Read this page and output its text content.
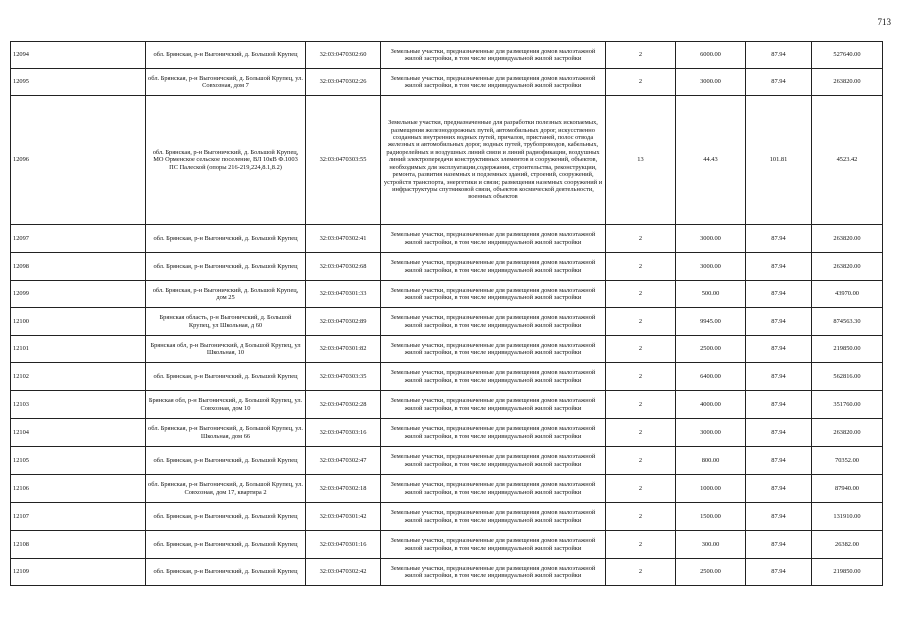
713
12094	обл. Брянская, р-н Выгоничский, д. Большой Крупец	32:03:0470302:60	Земельные участки, предназначенные для размещения домов малоэтажной жилой застройки, в том числе индивидуальной жилой застройки	2	6000.00	87.94	527640.00
12095	обл. Брянская, р-н Выгоничский, д. Большой Крупец, ул. Совхозная, дом 7	32:03:0470302:26	Земельные участки, предназначенные для размещения домов малоэтажной жилой застройки, в том числе индивидуальной жилой застройки	2	3000.00	87.94	263820.00
12096	обл. Брянская, р-н Выгоничский, д. Большой Крупец, МО Орменское сельское поселение, ВЛ 10кВ Ф.1003 ПС Палеской (опоры 216-219,224,8.1,8.2)	32:03:0470303:55	Земельные участки, предназначенные для разработки полезных ископаемых, размещения железнодорожных путей, автомобильных дорог, искусственно созданных внутренних водных путей, причалов, пристаней, полос отвода железных и автомобильных дорог, водных путей, трубопроводов, кабельных, радиорелейных и воздушных линий связи и линий радиофикации, воздушных линий электропередачи конструктивных элементов и сооружений, объектов, необходимых для эксплуатации,содержания, строительства, реконструкции, ремонта, развития наземных и подземных зданий, строений, сооружений, устройств транспорта, энергетики и связи; размещения наземных сооружений и инфраструктуры спутниковой связи, объектов космической деятельности, военных объектов	13	44.43	101.81	4523.42
12097	обл. Брянская, р-н Выгоничский, д. Большой Крупец	32:03:0470302:41	Земельные участки, предназначенные для размещения домов малоэтажной жилой застройки, в том числе индивидуальной жилой застройки	2	3000.00	87.94	263820.00
12098	обл. Брянская, р-н Выгоничский, д. Большой Крупец	32:03:0470302:68	Земельные участки, предназначенные для размещения домов малоэтажной жилой застройки, в том числе индивидуальной жилой застройки	2	3000.00	87.94	263820.00
12099	обл. Брянская, р-н Выгоничский, д. Большой Крупец, дом 25	32:03:0470301:33	Земельные участки, предназначенные для размещения домов малоэтажной жилой застройки, в том числе индивидуальной жилой застройки	2	500.00	87.94	43970.00
12100	Брянская область, р-н Выгоничский, д. Большой Крупец, ул Школьная, д 60	32:03:0470302:89	Земельные участки, предназначенные для размещения домов малоэтажной жилой застройки, в том числе индивидуальной жилой застройки	2	9945.00	87.94	874563.30
12101	Брянская обл, р-н Выгоничский, д Большой Крупец, ул Школьная, 10	32:03:0470301:82	Земельные участки, предназначенные для размещения домов малоэтажной жилой застройки, в том числе индивидуальной жилой застройки	2	2500.00	87.94	219850.00
12102	обл. Брянская, р-н Выгоничский, д. Большой Крупец	32:03:0470303:35	Земельные участки, предназначенные для размещения домов малоэтажной жилой застройки, в том числе индивидуальной жилой застройки	2	6400.00	87.94	562816.00
12103	Брянская обл, р-н Выгоничский, д. Большой Крупец, ул. Совхозная, дом 10	32:03:0470302:28	Земельные участки, предназначенные для размещения домов малоэтажной жилой застройки, в том числе индивидуальной жилой застройки	2	4000.00	87.94	351760.00
12104	обл. Брянская, р-н Выгоничский, д. Большой Крупец, ул. Школьная, дом 66	32:03:0470303:16	Земельные участки, предназначенные для размещения домов малоэтажной жилой застройки, в том числе индивидуальной жилой застройки	2	3000.00	87.94	263820.00
12105	обл. Брянская, р-н Выгоничский, д. Большой Крупец	32:03:0470302:47	Земельные участки, предназначенные для размещения домов малоэтажной жилой застройки, в том числе индивидуальной жилой застройки	2	800.00	87.94	70352.00
12106	обл. Брянская, р-н Выгоничский, д. Большой Крупец, ул. Совхозная, дом 17, квартира 2	32:03:0470302:18	Земельные участки, предназначенные для размещения домов малоэтажной жилой застройки, в том числе индивидуальной жилой застройки	2	1000.00	87.94	87940.00
12107	обл. Брянская, р-н Выгоничский, д. Большой Крупец	32:03:0470301:42	Земельные участки, предназначенные для размещения домов малоэтажной жилой застройки, в том числе индивидуальной жилой застройки	2	1500.00	87.94	131910.00
12108	обл. Брянская, р-н Выгоничский, д. Большой Крупец	32:03:0470301:16	Земельные участки, предназначенные для размещения домов малоэтажной жилой застройки, в том числе индивидуальной жилой застройки	2	300.00	87.94	26382.00
12109	обл. Брянская, р-н Выгоничский, д. Большой Крупец	32:03:0470302:42	Земельные участки, предназначенные для размещения домов малоэтажной жилой застройки, в том числе индивидуальной жилой застройки	2	2500.00	87.94	219850.00
